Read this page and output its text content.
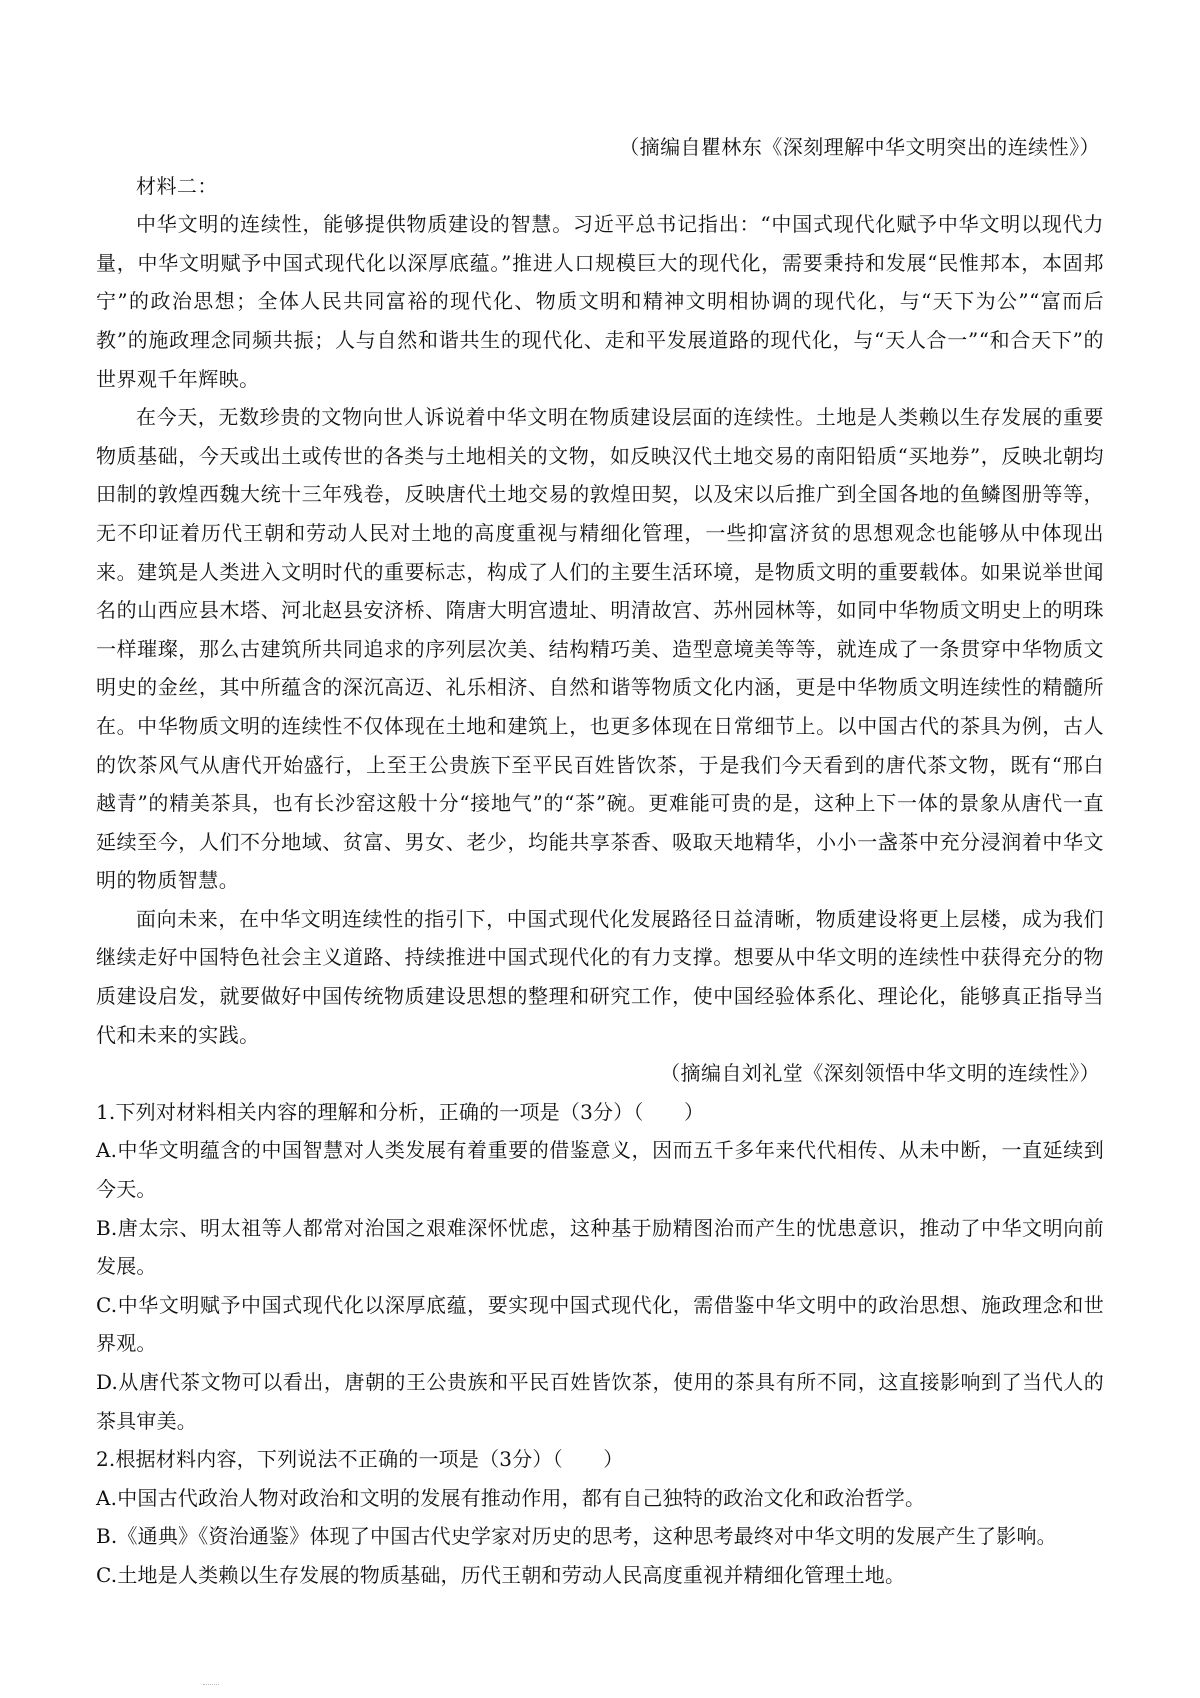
（摘编自瞿林东《深刻理解中华文明突出的连续性》）

材料二：

中华文明的连续性，能够提供物质建设的智慧。习近平总书记指出：“中国式现代化赋予中华文明以现代力量，中华文明赋予中国式现代化以深厚底蕴。”推进人口规模巨大的现代化，需要秉持和发展“民惟邦本，本固邦宁”的政治思想；全体人民共同富裕的现代化、物质文明和精神文明相协调的现代化，与“天下为公”“富而后教”的施政理念同频共振；人与自然和谐共生的现代化、走和平发展道路的现代化，与“天人合一”“和合天下”的世界观千年辉映。

在今天，无数珍贵的文物向世人诉说着中华文明在物质建设层面的连续性。土地是人类赖以生存发展的重要物质基础，今天或出土或传世的各类与土地相关的文物，如反映汉代土地交易的南阳铅质“买地券”，反映北朝均田制的敦煌西魏大统十三年残卷，反映唐代土地交易的敦煌田契，以及宋以后推广到全国各地的鱼鳞图册等等，无不印证着历代王朝和劳动人民对土地的高度重视与精细化管理，一些抑富济贫的思想观念也能够从中体现出来。建筑是人类进入文明时代的重要标志，构成了人们的主要生活环境，是物质文明的重要载体。如果说举世闻名的山西应县木塔、河北赵县安济桥、隋唐大明宫遗址、明清故宫、苏州园林等，如同中华物质文明史上的明珠一样璀璨，那么古建筑所共同追求的序列层次美、结构精巧美、造型意境美等等，就连成了一条贯穿中华物质文明史的金丝，其中所蕴含的深沉高迈、礼乐相济、自然和谐等物质文化内涵，更是中华物质文明连续性的精髓所在。中华物质文明的连续性不仅体现在土地和建筑上，也更多体现在日常细节上。以中国古代的茶具为例，古人的饮茶风气从唐代开始盛行，上至王公贵族下至平民百姓皆饮茶，于是我们今天看到的唐代茶文物，既有“邢白越青”的精美茶具，也有长沙窑这般十分“接地气”的“茶”碗。更难能可贵的是，这种上下一体的景象从唐代一直延续至今，人们不分地域、贫富、男女、老少，均能共享茶香、吸取天地精华，小小一盏茶中充分浸润着中华文明的物质智慧。

面向未来，在中华文明连续性的指引下，中国式现代化发展路径日益清晰，物质建设将更上层楼，成为我们继续走好中国特色社会主义道路、持续推进中国式现代化的有力支撑。想要从中华文明的连续性中获得充分的物质建设启发，就要做好中国传统物质建设思想的整理和研究工作，使中国经验体系化、理论化，能够真正指导当代和未来的实践。

（摘编自刘礼堂《深刻领悟中华文明的连续性》）

1.下列对材料相关内容的理解和分析，正确的一项是（3分）（　　）

A.中华文明蕴含的中国智慧对人类发展有着重要的借鉴意义，因而五千多年来代代相传、从未中断，一直延续到今天。

B.唐太宗、明太祖等人都常对治国之艰难深怀忧虑，这种基于励精图治而产生的忧患意识，推动了中华文明向前发展。

C.中华文明赋予中国式现代化以深厚底蕴，要实现中国式现代化，需借鉴中华文明中的政治思想、施政理念和世界观。

D.从唐代茶文物可以看出，唐朝的王公贵族和平民百姓皆饮茶，使用的茶具有所不同，这直接影响到了当代人的茶具审美。

2.根据材料内容，下列说法不正确的一项是（3分）（　　）

A.中国古代政治人物对政治和文明的发展有推动作用，都有自己独特的政治文化和政治哲学。

B.《通典》《资治通鉴》体现了中国古代史学家对历史的思考，这种思考最终对中华文明的发展产生了影响。

C.土地是人类赖以生存发展的物质基础，历代王朝和劳动人民高度重视并精细化管理土地。
